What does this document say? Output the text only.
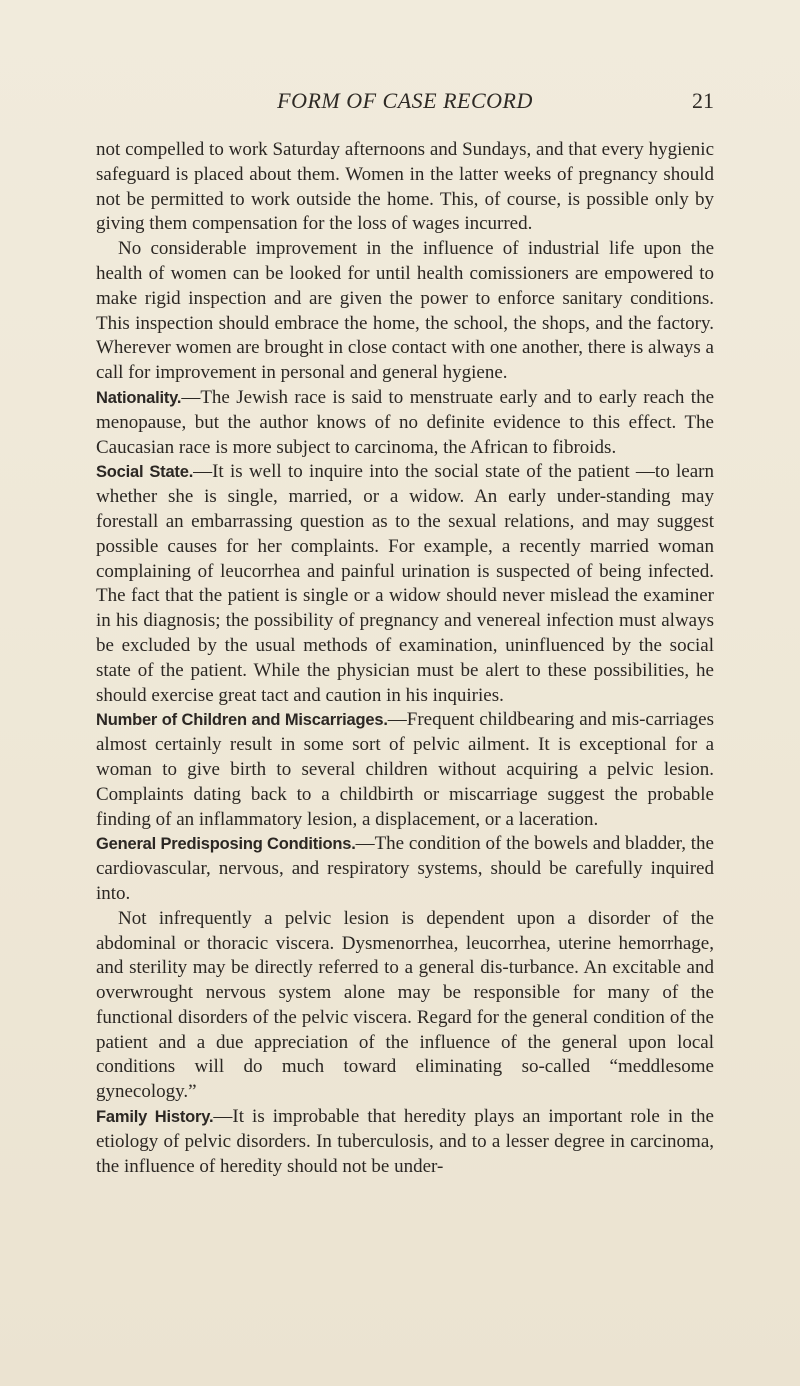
FORM OF CASE RECORD	21

not compelled to work Saturday afternoons and Sundays, and that every hygienic safeguard is placed about them. Women in the latter weeks of pregnancy should not be permitted to work outside the home. This, of course, is possible only by giving them compensation for the loss of wages incurred.

No considerable improvement in the influence of industrial life upon the health of women can be looked for until health comissioners are empowered to make rigid inspection and are given the power to enforce sanitary conditions. This inspection should embrace the home, the school, the shops, and the factory. Wherever women are brought in close contact with one another, there is always a call for improvement in personal and general hygiene.

Nationality.—The Jewish race is said to menstruate early and to early reach the menopause, but the author knows of no definite evidence to this effect. The Caucasian race is more subject to carcinoma, the African to fibroids.

Social State.—It is well to inquire into the social state of the patient —to learn whether she is single, married, or a widow. An early under-standing may forestall an embarrassing question as to the sexual relations, and may suggest possible causes for her complaints. For example, a recently married woman complaining of leucorrhea and painful urination is suspected of being infected. The fact that the patient is single or a widow should never mislead the examiner in his diagnosis; the possibility of pregnancy and venereal infection must always be excluded by the usual methods of examination, uninfluenced by the social state of the patient. While the physician must be alert to these possibilities, he should exercise great tact and caution in his inquiries.

Number of Children and Miscarriages.—Frequent childbearing and mis-carriages almost certainly result in some sort of pelvic ailment. It is exceptional for a woman to give birth to several children without acquiring a pelvic lesion. Complaints dating back to a childbirth or miscarriage suggest the probable finding of an inflammatory lesion, a displacement, or a laceration.

General Predisposing Conditions.—The condition of the bowels and bladder, the cardiovascular, nervous, and respiratory systems, should be carefully inquired into.

Not infrequently a pelvic lesion is dependent upon a disorder of the abdominal or thoracic viscera. Dysmenorrhea, leucorrhea, uterine hemorrhage, and sterility may be directly referred to a general dis-turbance. An excitable and overwrought nervous system alone may be responsible for many of the functional disorders of the pelvic viscera. Regard for the general condition of the patient and a due appreciation of the influence of the general upon local conditions will do much toward eliminating so-called “meddlesome gynecology.”

Family History.—It is improbable that heredity plays an important role in the etiology of pelvic disorders. In tuberculosis, and to a lesser degree in carcinoma, the influence of heredity should not be under-
